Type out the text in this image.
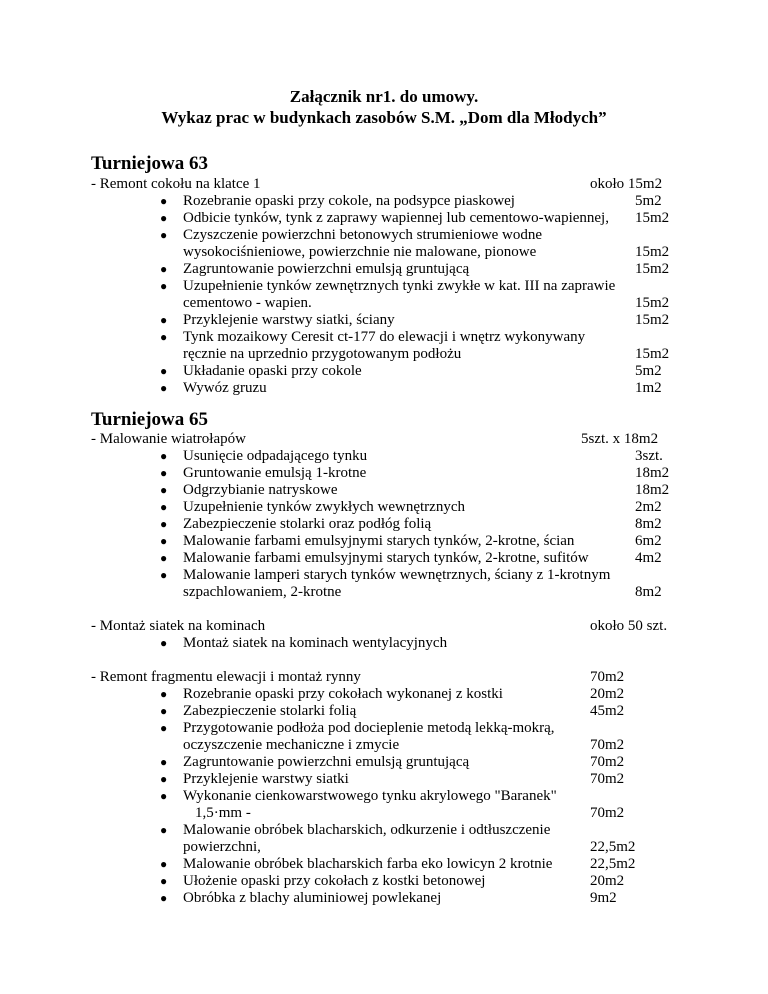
Załącznik nr1. do umowy.
Wykaz prac w budynkach zasobów S.M. „Dom dla Młodych”
Turniejowa 63
- Remont cokołu na klatce 1	około 15m2
● Rozebranie opaski przy cokole, na podsypce piaskowej	5m2
● Odbicie tynków, tynk z zaprawy wapiennej lub cementowo-wapiennej, 15m2
● Czyszczenie powierzchni betonowych strumieniowe wodne
wysokociśnieniowe, powierzchnie nie malowane, pionowe	15m2
● Zagruntowanie powierzchni emulsją gruntującą	15m2
● Uzupełnienie tynków zewnętrznych tynki zwykłe w kat. III na zaprawie
cementowo - wapien.	15m2
● Przyklejenie warstwy siatki, ściany	15m2
● Tynk mozaikowy Ceresit ct-177 do elewacji i wnętrz wykonywany
ręcznie na uprzednio przygotowanym podłożu	15m2
● Układanie opaski przy cokole	5m2
● Wywóz gruzu	1m2
Turniejowa 65
- Malowanie wiatrołapów	5szt. x 18m2
● Usunięcie odpadającego tynku	3szt.
● Gruntowanie emulsją 1-krotne	18m2
● Odgrzybianie natryskowe	18m2
● Uzupełnienie tynków zwykłych wewnętrznych	2m2
● Zabezpieczenie stolarki oraz podłóg folią	8m2
● Malowanie farbami emulsyjnymi starych tynków, 2-krotne, ścian	6m2
● Malowanie farbami emulsyjnymi starych tynków, 2-krotne, sufitów	4m2
● Malowanie lamperi starych tynków wewnętrznych, ściany z 1-krotnym
szpachlowaniem, 2-krotne	8m2
- Montaż siatek na kominach	około 50 szt.
● Montaż siatek na kominach wentylacyjnych
- Remont fragmentu elewacji i montaż rynny	70m2
● Rozebranie opaski przy cokołach wykonanej z kostki	20m2
● Zabezpieczenie stolarki folią	45m2
● Przygotowanie podłoża pod docieplenie metodą lekką-mokrą,
oczyszczenie mechaniczne i zmycie	70m2
● Zagruntowanie powierzchni emulsją gruntującą	70m2
● Przyklejenie warstwy siatki	70m2
● Wykonanie cienkowarstwowego tynku akrylowego "Baranek"
1,5·mm -	70m2
● Malowanie obróbek blacharskich, odkurzenie i odtłuszczenie
powierzchni,	22,5m2
● Malowanie obróbek blacharskich farba eko lowicyn 2 krotnie	22,5m2
● Ułożenie opaski przy cokołach z kostki betonowej	20m2
● Obróbka z blachy aluminiowej powlekanej	9m2
